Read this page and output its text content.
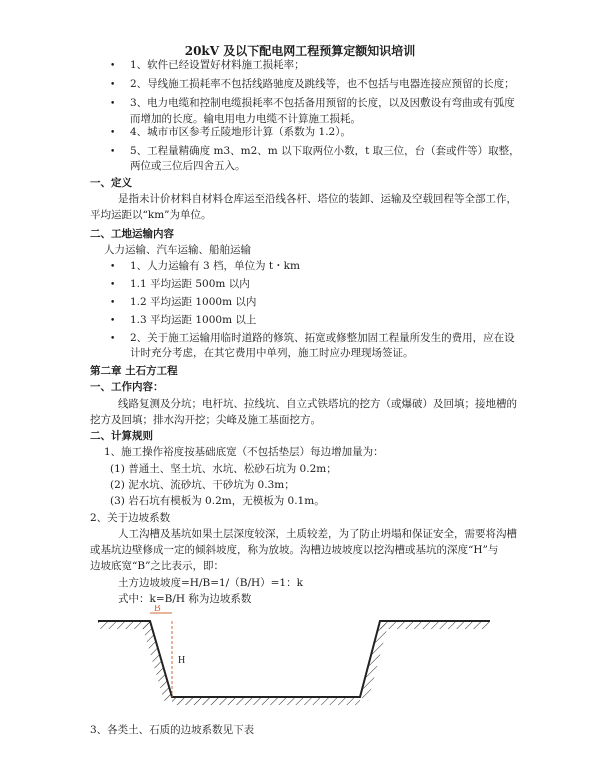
20kV 及以下配电网工程预算定额知识培训
• 1、软件已经设置好材料施工损耗率；
• 2、导线施工损耗率不包括线路驰度及跳线等，也不包括与电器连接应预留的长度；
• 3、电力电缆和控制电缆损耗率不包括备用预留的长度，以及因敷设有弯曲或有弧度
而增加的长度。输电用电力电缆不计算施工损耗。
• 4、城市市区参考丘陵地形计算（系数为 1.2）。
• 5、工程量精确度 m3、m2、m 以下取两位小数，t 取三位，台（套或件等）取整，
两位或三位后四舍五入。
一、定义
是指未计价材料自材料仓库运至沿线各杆、塔位的装卸、运输及空载回程等全部工作，
平均运距以“km”为单位。
二、工地运输内容
人力运输、汽车运输、船舶运输
• 1、人力运输有 3 档，单位为 t・km
• 1.1 平均运距 500m 以内
• 1.2 平均运距 1000m 以内
• 1.3 平均运距 1000m 以上
• 2、关于施工运输用临时道路的修筑、拓宽或修整加固工程量所发生的费用，应在设
计时充分考虑，在其它费用中单列，施工时应办理现场签证。
第二章 土石方工程
一、工作内容：
线路复测及分坑；电杆坑、拉线坑、自立式铁塔坑的挖方（或爆破）及回填；接地槽的
挖方及回填；排水沟开挖；尖峰及施工基面挖方。
二、计算规则
1、施工操作裕度按基础底宽（不包括垫层）每边增加量为：
(1) 普通土、坚土坑、水坑、松砂石坑为 0.2m；
(2) 泥水坑、流砂坑、干砂坑为 0.3m；
(3) 岩石坑有模板为 0.2m，无模板为 0.1m。
2、关于边坡系数
人工沟槽及基坑如果土层深度较深，土质较差，为了防止坍塌和保证安全，需要将沟槽
或基坑边壁修成一定的倾斜坡度，称为放坡。沟槽边坡坡度以挖沟槽或基坑的深度“H”与
边坡底宽“B”之比表示，即：
土方边坡坡度=H/B=1/（B/H）=1：k
式中：k=B/H 称为边坡系数
B
H
3、各类土、石质的边坡系数见下表
